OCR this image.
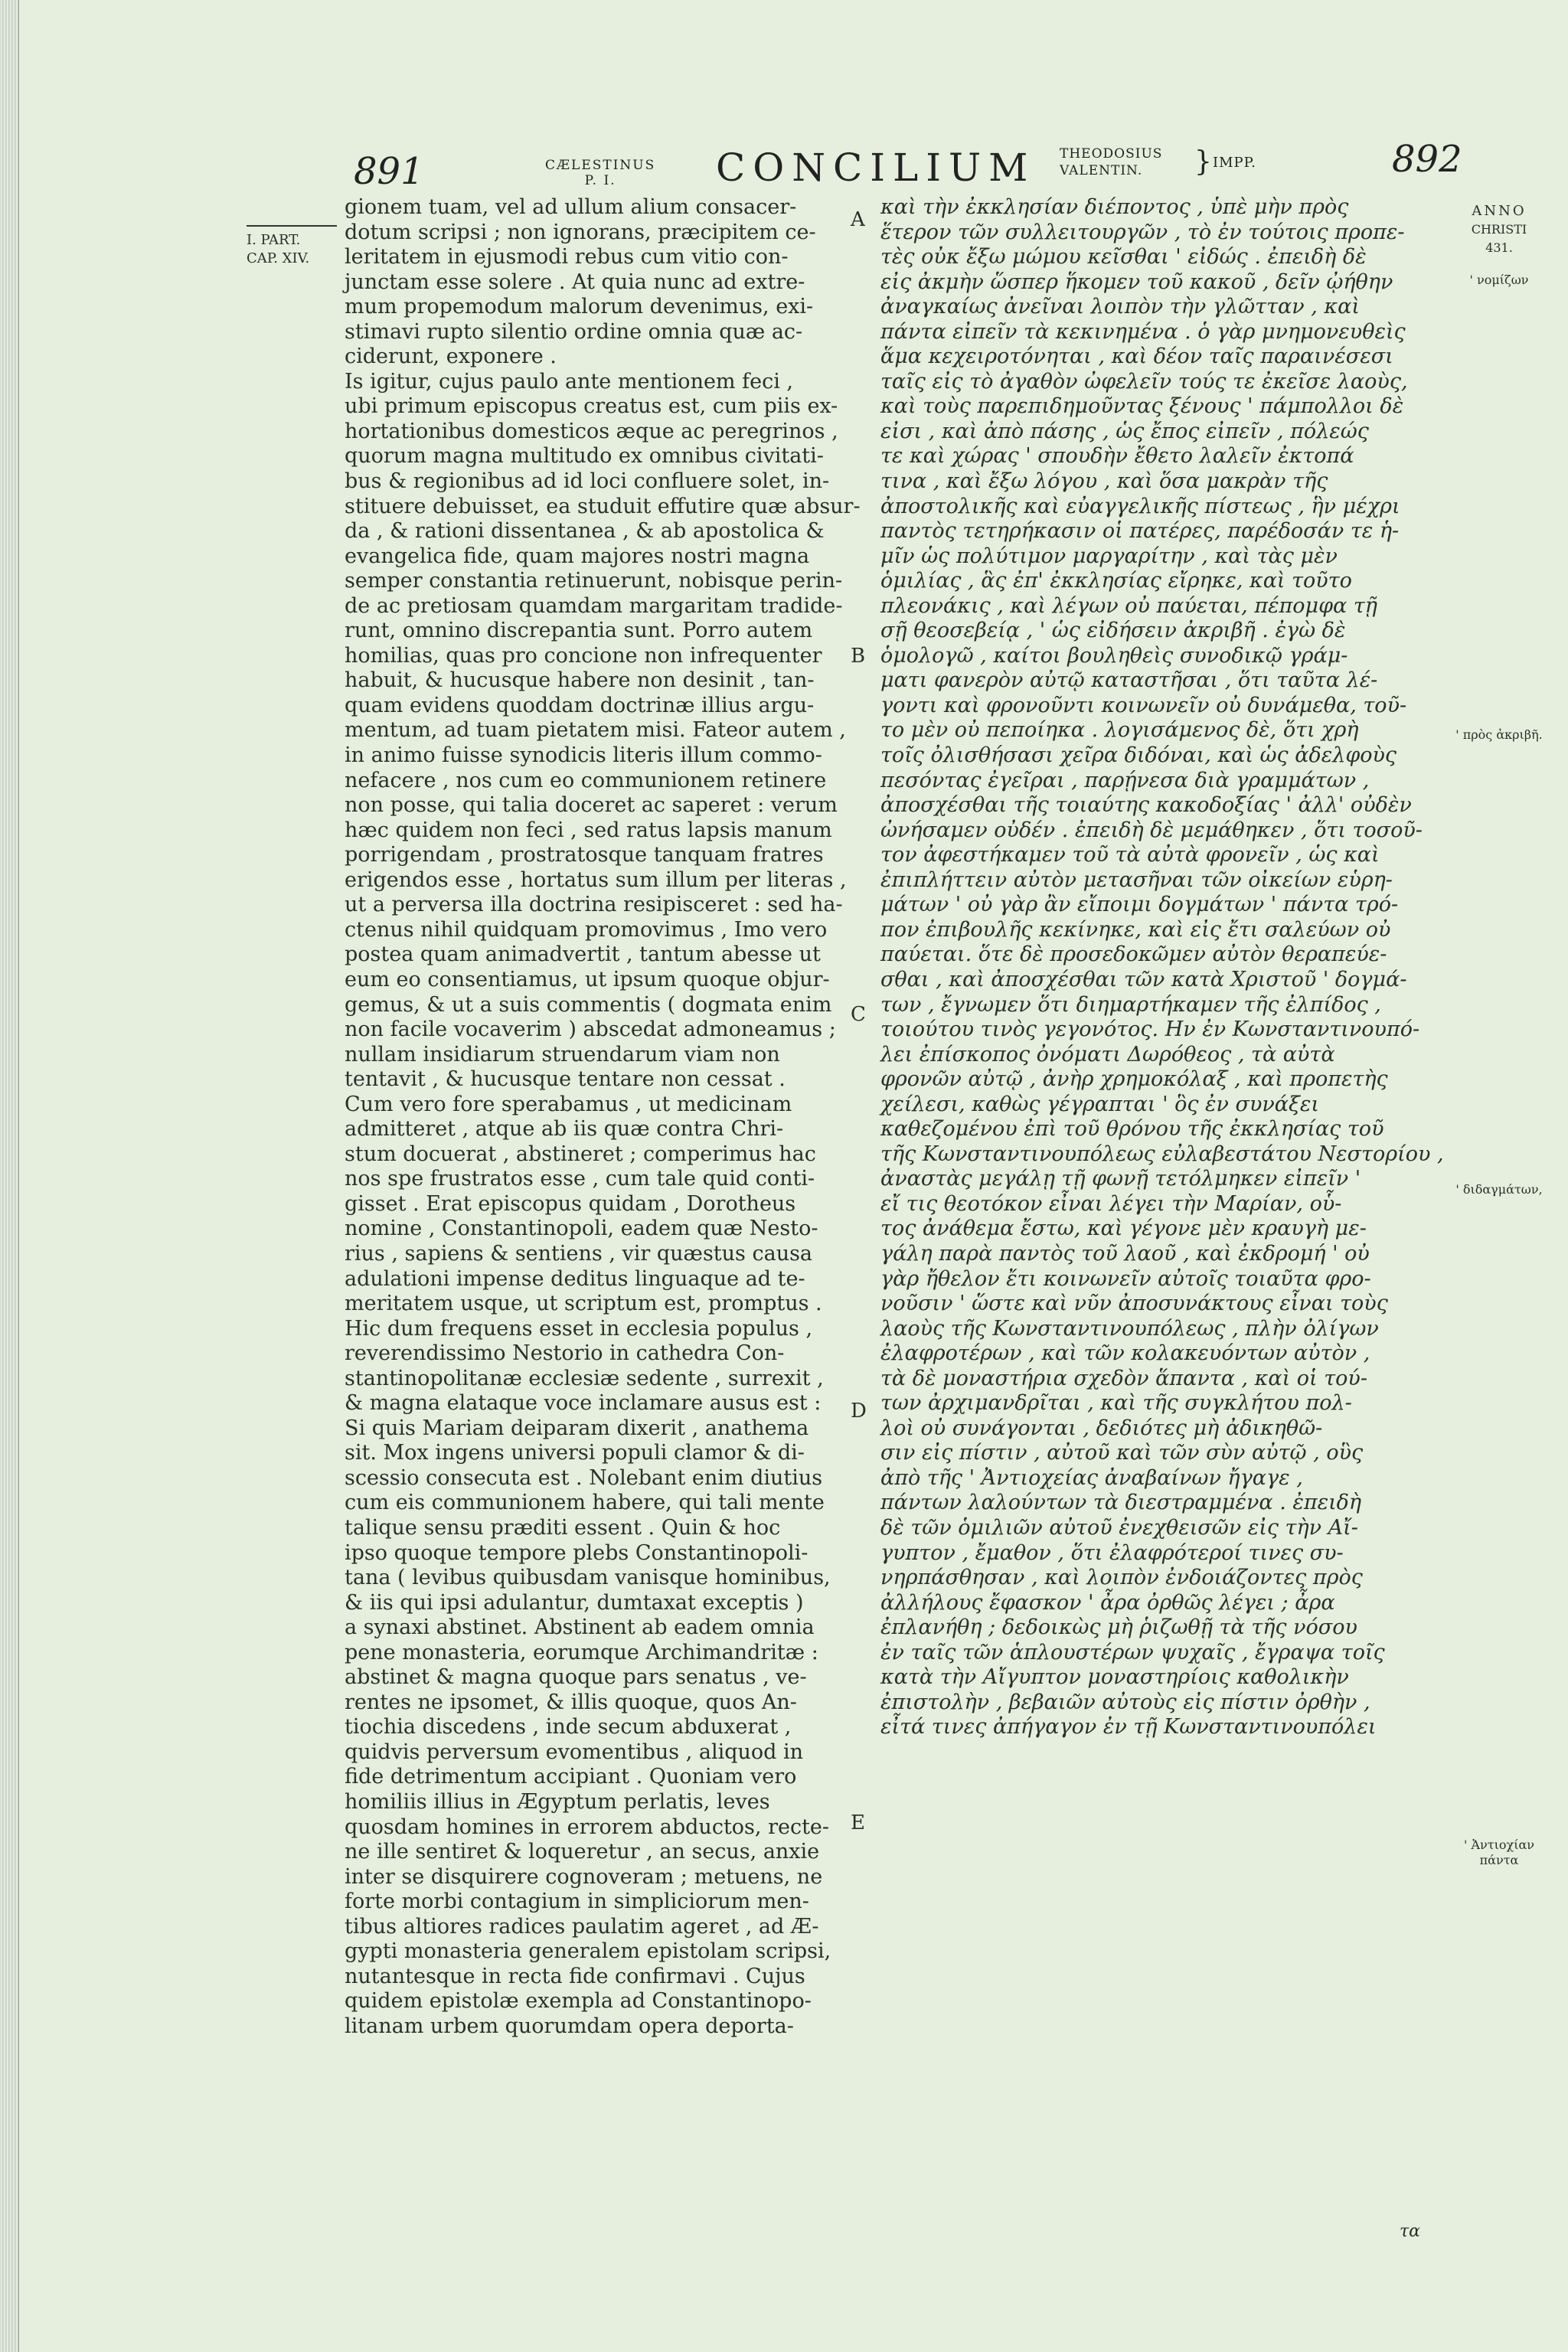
891	CÆLESTINUS
P. I.	CONCILIUM THEODOSIUS
VALENTIN.	} IMPP.	892
I. PART.
CAP. XIV.
gionem tuam, vel ad ullum alium consacer-
dotum scripsi ; non ignorans, præcipitem ce-
leritatem in ejusmodi rebus cum vitio con-
junctam esse solere . At quia nunc ad extre-
mum propemodum malorum devenimus, exi-
stimavi rupto silentio ordine omnia quæ ac-
ciderunt, exponere .
Is igitur, cujus paulo ante mentionem feci ,
ubi primum episcopus creatus est, cum piis ex-
hortationibus domesticos æque ac peregrinos ,
quorum magna multitudo ex omnibus civitati-
bus & regionibus ad id loci confluere solet, in-
stituere debuisset, ea studuit effutire quæ absur-
da , & rationi dissentanea , & ab apostolica &
evangelica fide, quam majores nostri magna
semper constantia retinuerunt, nobisque perin-
de ac pretiosam quamdam margaritam tradide-
runt, omnino discrepantia sunt. Porro autem
homilias, quas pro concione non infrequenter
habuit, & hucusque habere non desinit , tan-
quam evidens quoddam doctrinæ illius argu-
mentum, ad tuam pietatem misi. Fateor autem ,
in animo fuisse synodicis literis illum commo-
nefacere , nos cum eo communionem retinere
non posse, qui talia doceret ac saperet : verum
hæc quidem non feci , sed ratus lapsis manum
porrigendam , prostratosque tanquam fratres
erigendos esse , hortatus sum illum per literas ,
ut a perversa illa doctrina resipisceret : sed ha-
ctenus nihil quidquam promovimus , Imo vero
postea quam animadvertit , tantum abesse ut
eum eo consentiamus, ut ipsum quoque objur-
gemus, & ut a suis commentis ( dogmata enim
non facile vocaverim ) abscedat admoneamus ;
nullam insidiarum struendarum viam non
tentavit , & hucusque tentare non cessat .
Cum vero fore sperabamus , ut medicinam
admitteret , atque ab iis quæ contra Chri-
stum docuerat , abstineret ; comperimus hac
nos spe frustratos esse , cum tale quid conti-
gisset . Erat episcopus quidam , Dorotheus
nomine , Constantinopoli, eadem quæ Nesto-
rius , sapiens & sentiens , vir quæstus causa
adulationi impense deditus linguaque ad te-
meritatem usque, ut scriptum est, promptus .
Hic dum frequens esset in ecclesia populus ,
reverendissimo Nestorio in cathedra Con-
stantinopolitanæ ecclesiæ sedente , surrexit ,
& magna elataque voce inclamare ausus est :
Si quis Mariam deiparam dixerit , anathema
sit. Mox ingens universi populi clamor & di-
scessio consecuta est . Nolebant enim diutius
cum eis communionem habere, qui tali mente
talique sensu præditi essent . Quin & hoc
ipso quoque tempore plebs Constantinopoli-
tana ( levibus quibusdam vanisque hominibus,
& iis qui ipsi adulantur, dumtaxat exceptis )
a synaxi abstinet. Abstinent ab eadem omnia
pene monasteria, eorumque Archimandritæ :
abstinet & magna quoque pars senatus , ve-
rentes ne ipsomet, & illis quoque, quos An-
tiochia discedens , inde secum abduxerat ,
quidvis perversum evomentibus , aliquod in
fide detrimentum accipiant . Quoniam vero
homiliis illius in Ægyptum perlatis, leves
quosdam homines in errorem abductos, recte-
ne ille sentiret & loqueretur , an secus, anxie
inter se disquirere cognoveram ; metuens, ne
forte morbi contagium in simpliciorum men-
tibus altiores radices paulatim ageret , ad Æ-
gypti monasteria generalem epistolam scripsi,
nutantesque in recta fide confirmavi . Cujus
quidem epistolæ exempla ad Constantinopo-
litanam urbem quorumdam opera deporta-
A
B
C
D
E
καὶ τὴν ἐκκλησίαν διέποντος , ὑπὲ μὴν πρὸς
ἕτερον τῶν συλλειτουργῶν , τὸ ἐν τούτοις προπε-
τὲς οὐκ ἔξω μώμου κεῖσθαι ' εἰδώς . ἐπειδὴ δὲ
εἰς ἀκμὴν ὥσπερ ἥκομεν τοῦ κακοῦ , δεῖν ᾠήθην
ἀναγκαίως ἀνεῖναι λοιπὸν τὴν γλῶτταν , καὶ
πάντα εἰπεῖν τὰ κεκινημένα . ὁ γὰρ μνημονευθεὶς
ἅμα κεχειροτόνηται , καὶ δέον ταῖς παραινέσεσι
ταῖς εἰς τὸ ἀγαθὸν ὠφελεῖν τούς τε ἐκεῖσε λαοὺς,
καὶ τοὺς παρεπιδημοῦντας ξένους ' πάμπολλοι δὲ
εἰσι , καὶ ἀπὸ πάσης , ὡς ἔπος εἰπεῖν , πόλεώς
τε καὶ χώρας ' σπουδὴν ἔθετο λαλεῖν ἐκτοπά
τινα , καὶ ἔξω λόγου , καὶ ὅσα μακρὰν τῆς
ἀποστολικῆς καὶ εὐαγγελικῆς πίστεως , ἣν μέχρι
παντὸς τετηρήκασιν οἱ πατέρες, παρέδοσάν τε ἡ-
μῖν ὡς πολύτιμον μαργαρίτην , καὶ τὰς μὲν
ὁμιλίας , ἃς ἐπ' ἐκκλησίας εἴρηκε, καὶ τοῦτο
πλεονάκις , καὶ λέγων οὐ παύεται, πέπομφα τῇ
σῇ θεοσεβείᾳ , ' ὡς εἰδήσειν ἀκριβῆ . ἐγὼ δὲ
ὁμολογῶ , καίτοι βουληθεὶς συνοδικῷ γράμ-
ματι φανερὸν αὐτῷ καταστῆσαι , ὅτι ταῦτα λέ-
γοντι καὶ φρονοῦντι κοινωνεῖν οὐ δυνάμεθα, τοῦ-
το μὲν οὐ πεποίηκα . λογισάμενος δὲ, ὅτι χρὴ
τοῖς ὀλισθήσασι χεῖρα διδόναι, καὶ ὡς ἀδελφοὺς
πεσόντας ἐγεῖραι , παρῄνεσα διὰ γραμμάτων ,
ἀποσχέσθαι τῆς τοιαύτης κακοδοξίας ' ἀλλ' οὐδὲν
ὠνήσαμεν οὐδέν . ἐπειδὴ δὲ μεμάθηκεν , ὅτι τοσοῦ-
τον ἀφεστήκαμεν τοῦ τὰ αὐτὰ φρονεῖν , ὡς καὶ
ἐπιπλήττειν αὐτὸν μετασῆναι τῶν οἰκείων εὑρη-
μάτων ' οὐ γὰρ ἂν εἴποιμι δογμάτων ' πάντα τρό-
πον ἐπιβουλῆς κεκίνηκε, καὶ εἰς ἔτι σαλεύων οὐ
παύεται. ὅτε δὲ προσεδοκῶμεν αὐτὸν θεραπεύε-
σθαι , καὶ ἀποσχέσθαι τῶν κατὰ Χριστοῦ ' δογμά-
των , ἔγνωμεν ὅτι διημαρτήκαμεν τῆς ἐλπίδος ,
τοιούτου τινὸς γεγονότος. Ην ἐν Κωνσταντινουπό-
λει ἐπίσκοπος ὀνόματι Δωρόθεος , τὰ αὐτὰ
φρονῶν αὐτῷ , ἀνὴρ χρημοκόλαξ , καὶ προπετὴς
χείλεσι, καθὼς γέγραπται ' ὃς ἐν συνάξει
καθεζομένου ἐπὶ τοῦ θρόνου τῆς ἐκκλησίας τοῦ
τῆς Κωνσταντινουπόλεως εὐλαβεστάτου Νεστορίου ,
ἀναστὰς μεγάλῃ τῇ φωνῇ τετόλμηκεν εἰπεῖν '
εἴ τις θεοτόκον εἶναι λέγει τὴν Μαρίαν, οὗ-
τος ἀνάθεμα ἔστω, καὶ γέγονε μὲν κραυγὴ με-
γάλη παρὰ παντὸς τοῦ λαοῦ , καὶ ἐκδρομή ' οὐ
γὰρ ἤθελον ἔτι κοινωνεῖν αὐτοῖς τοιαῦτα φρο-
νοῦσιν ' ὥστε καὶ νῦν ἀποσυνάκτους εἶναι τοὺς
λαοὺς τῆς Κωνσταντινουπόλεως , πλὴν ὀλίγων
ἐλαφροτέρων , καὶ τῶν κολακευόντων αὐτὸν ,
τὰ δὲ μοναστήρια σχεδὸν ἅπαντα , καὶ οἱ τού-
των ἀρχιμανδρῖται , καὶ τῆς συγκλήτου πολ-
λοὶ οὐ συνάγονται , δεδιότες μὴ ἀδικηθῶ-
σιν εἰς πίστιν , αὐτοῦ καὶ τῶν σὺν αὐτῷ , οὓς
ἀπὸ τῆς ' Ἀντιοχείας ἀναβαίνων ἤγαγε ,
πάντων λαλούντων τὰ διεστραμμένα . ἐπειδὴ
δὲ τῶν ὁμιλιῶν αὐτοῦ ἐνεχθεισῶν εἰς τὴν Αἴ-
γυπτον , ἔμαθον , ὅτι ἐλαφρότεροί τινες συ-
νηρπάσθησαν , καὶ λοιπὸν ἐνδοιάζοντες πρὸς
ἀλλήλους ἔφασκον ' ἆρα ὀρθῶς λέγει ; ἆρα
ἐπλανήθη ; δεδοικὼς μὴ ῥιζωθῇ τὰ τῆς νόσου
ἐν ταῖς τῶν ἁπλουστέρων ψυχαῖς , ἔγραψα τοῖς
κατὰ τὴν Αἴγυπτον μοναστηρίοις καθολικὴν
ἐπιστολὴν , βεβαιῶν αὐτοὺς εἰς πίστιν ὀρθὴν ,
εἶτά τινες ἀπήγαγον ἐν τῇ Κωνσταντινουπόλει
ANNO
CHRISTI
431.
' νομίζων
' πρὸς ἀκριβῆ.
' διδαγμάτων,
' Ἀντιοχίαν πάντα
τα
